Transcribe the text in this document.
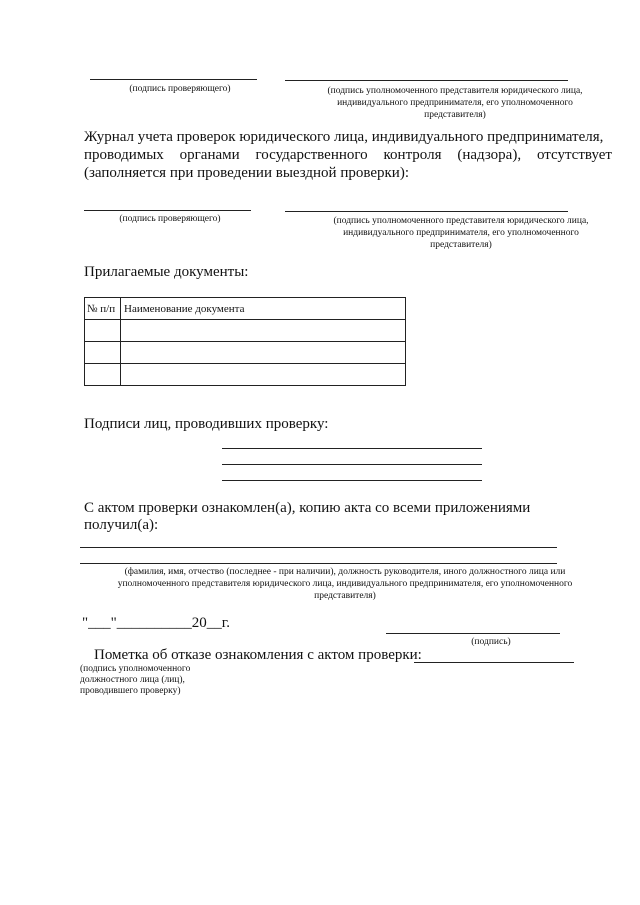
(подпись проверяющего)	(подпись уполномоченного представителя юридического лица,
индивидуального предпринимателя, его уполномоченного
представителя)
Журнал учета проверок юридического лица, индивидуального предпринимателя,
проводимых органами государственного контроля (надзора), отсутствует
(заполняется при проведении выездной проверки):
(подпись проверяющего)	(подпись уполномоченного представителя юридического лица,
индивидуального предпринимателя, его уполномоченного
представителя)
Прилагаемые документы:
№ п/п	Наименование документа

Подписи лиц, проводивших проверку:
С актом проверки ознакомлен(а), копию акта со всеми приложениями
получил(а):
(фамилия, имя, отчество (последнее - при наличии), должность руководителя, иного должностного лица или
уполномоченного представителя юридического лица, индивидуального предпринимателя, его уполномоченного
представителя)
"___"__________20__г.
(подпись)
Пометка об отказе ознакомления с актом проверки:
(подпись уполномоченного
должностного лица (лиц),
проводившего проверку)
